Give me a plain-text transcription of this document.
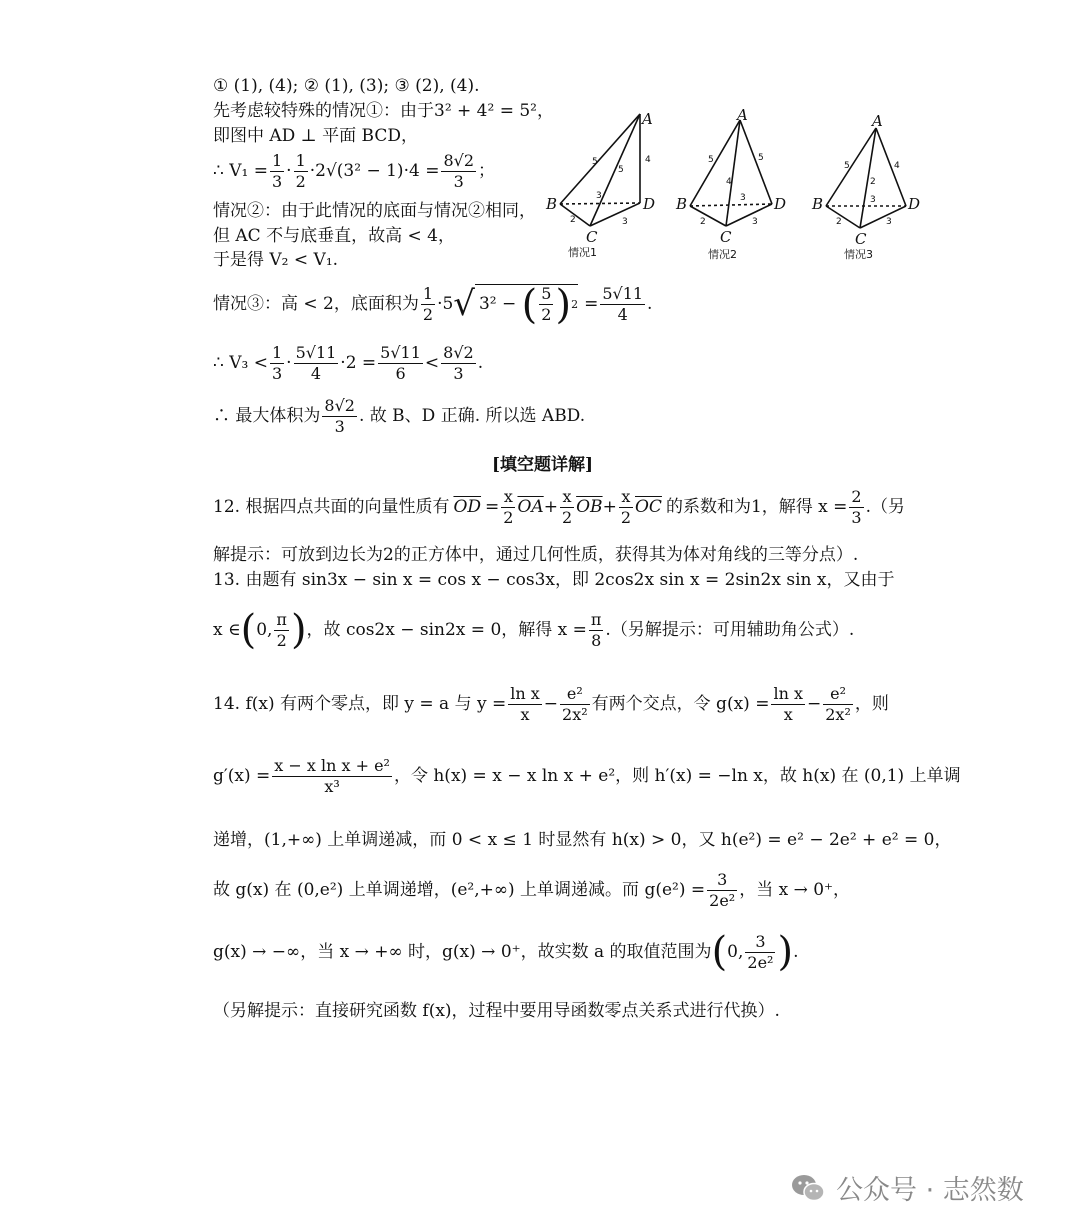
① (1), (4); ② (1), (3); ③ (2), (4).
先考虑较特殊的情况①：由于3² + 4² = 5²，
即图中 AD ⊥ 平面 BCD，
∴ $V_1 = \frac{1}{3} \cdot \frac{1}{2} \cdot 2√(3^2 - 1)\cdot 4 = \frac{8√2}{3}$ ；
情况②：由于此情况的底面与情况②相同，
但 AC 不与底垂直，故高 < 4，
于是得 V₂ < V₁.
情况③：高 < 2，底面积为 $\frac{1}{2} \cdot 5$ √ 3² − ( $\frac{5}{2}$ ) $2 = \frac{5√11}{4}$ .
∴ $V_3 < \frac{1}{3} \cdot \frac{5√11}{4} \cdot 2 = \frac{5√11}{6} < \frac{8√2}{3}$ .
∴ 最大体积为 $\frac{8√2}{3}$ . 故 B、D 正确. 所以选 ABD.
A
B
C
D
A
B
C
D
A
B
C
D
5	4
5
3
2	3
5	5
4
3
2	3
5	4
2
3
2	3
情况1	情况2	情况3
[填空题详解]
12. 根据四点共面的向量性质有 $\overline{OD} = \frac{x}{2} \overline{OA} + \frac{x}{2} \overline{OB} + \frac{x}{2} \overline{OC}$ 的系数和为1，解得 $x = \frac{2}{3}$ .（另
解提示：可放到边长为2的正方体中，通过几何性质，获得其为体对角线的三等分点）.
13. 由题有 sin3x − sin x = cos x − cos3x，即 2cos2x sin x = 2sin2x sin x，又由于
x ∈ ( 0, $\frac{\pi}{2}$ ) ，故 cos2x − sin2x = 0，解得 $x = \frac{\pi}{8}$ .（另解提示：可用辅助角公式）.
14. f(x) 有两个零点，即 y = a 与 $y = \frac{\text{ln x}}{x} - \frac{\text{e²}}{\text{2x²}}$ 有两个交点，令 $g(x) = \frac{\text{ln x}}{x} - \frac{\text{e²}}{\text{2x²}}$ ，则
$g'(x) = \frac{\text{x − x ln x + e²}}{\text{x³}}$ ，令 h(x) = x − x ln x + e²，则 h′(x) = −ln x，故 h(x) 在 (0,1) 上单调
递增，(1,+∞) 上单调递减，而 0 < x ≤ 1 时显然有 h(x) > 0，又 h(e²) = e² − 2e² + e² = 0，
故 g(x) 在 (0,e²) 上单调递增，(e²,+∞) 上单调递减。而 $g(e^2) = \frac{3}{\text{2e²}}$ ，当 x → 0⁺，
g(x) → −∞，当 x → +∞ 时，g(x) → 0⁺，故实数 a 的取值范围为 ( 0, $\frac{3}{\text{2e²}}$ ) .
（另解提示：直接研究函数 f(x)，过程中要用导函数零点关系式进行代换）.
公众号 · 志然数
